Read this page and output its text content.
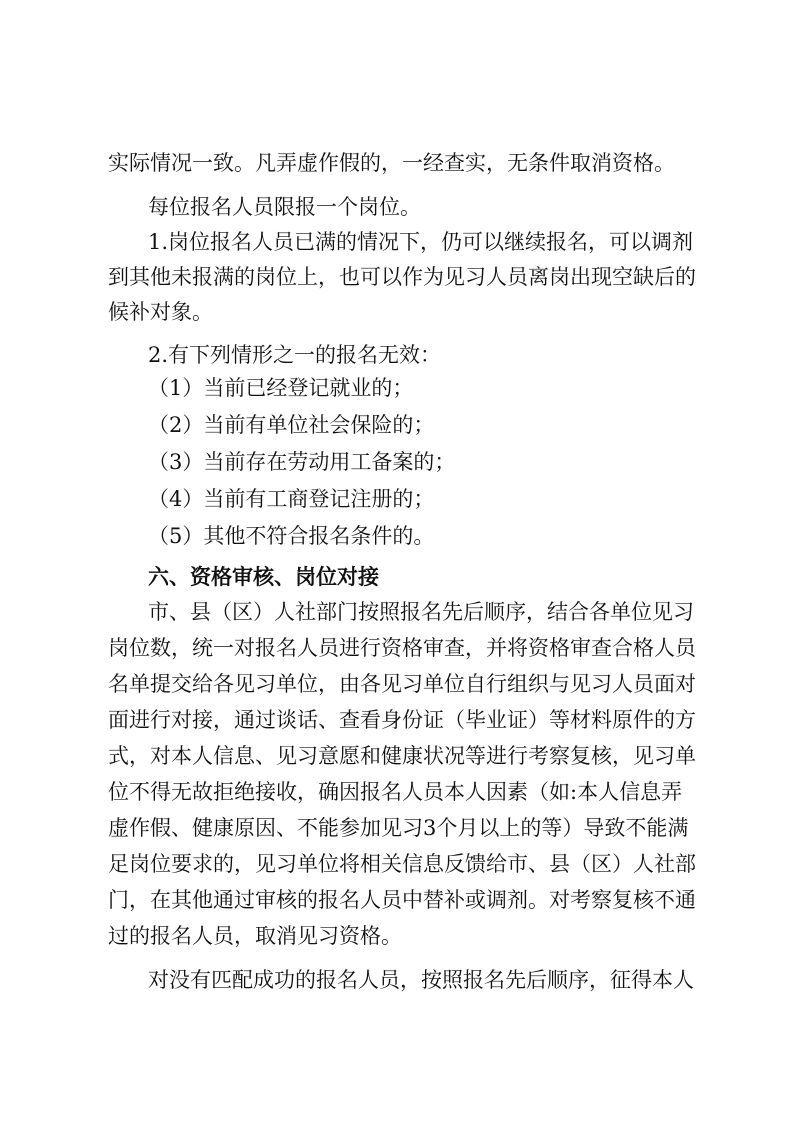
实际情况一致。凡弄虚作假的，一经查实，无条件取消资格。

每位报名人员限报一个岗位。

1.岗位报名人员已满的情况下，仍可以继续报名，可以调剂

到其他未报满的岗位上，也可以作为见习人员离岗出现空缺后的

候补对象。

2.有下列情形之一的报名无效：

（1）当前已经登记就业的；

（2）当前有单位社会保险的；

（3）当前存在劳动用工备案的；

（4）当前有工商登记注册的；

（5）其他不符合报名条件的。

六、资格审核、岗位对接

市、县（区）人社部门按照报名先后顺序，结合各单位见习

岗位数，统一对报名人员进行资格审查，并将资格审查合格人员

名单提交给各见习单位，由各见习单位自行组织与见习人员面对

面进行对接，通过谈话、查看身份证（毕业证）等材料原件的方

式，对本人信息、见习意愿和健康状况等进行考察复核，见习单

位不得无故拒绝接收，确因报名人员本人因素（如:本人信息弄

虚作假、健康原因、不能参加见习3个月以上的等）导致不能满

足岗位要求的，见习单位将相关信息反馈给市、县（区）人社部

门，在其他通过审核的报名人员中替补或调剂。对考察复核不通

过的报名人员，取消见习资格。

对没有匹配成功的报名人员，按照报名先后顺序，征得本人
